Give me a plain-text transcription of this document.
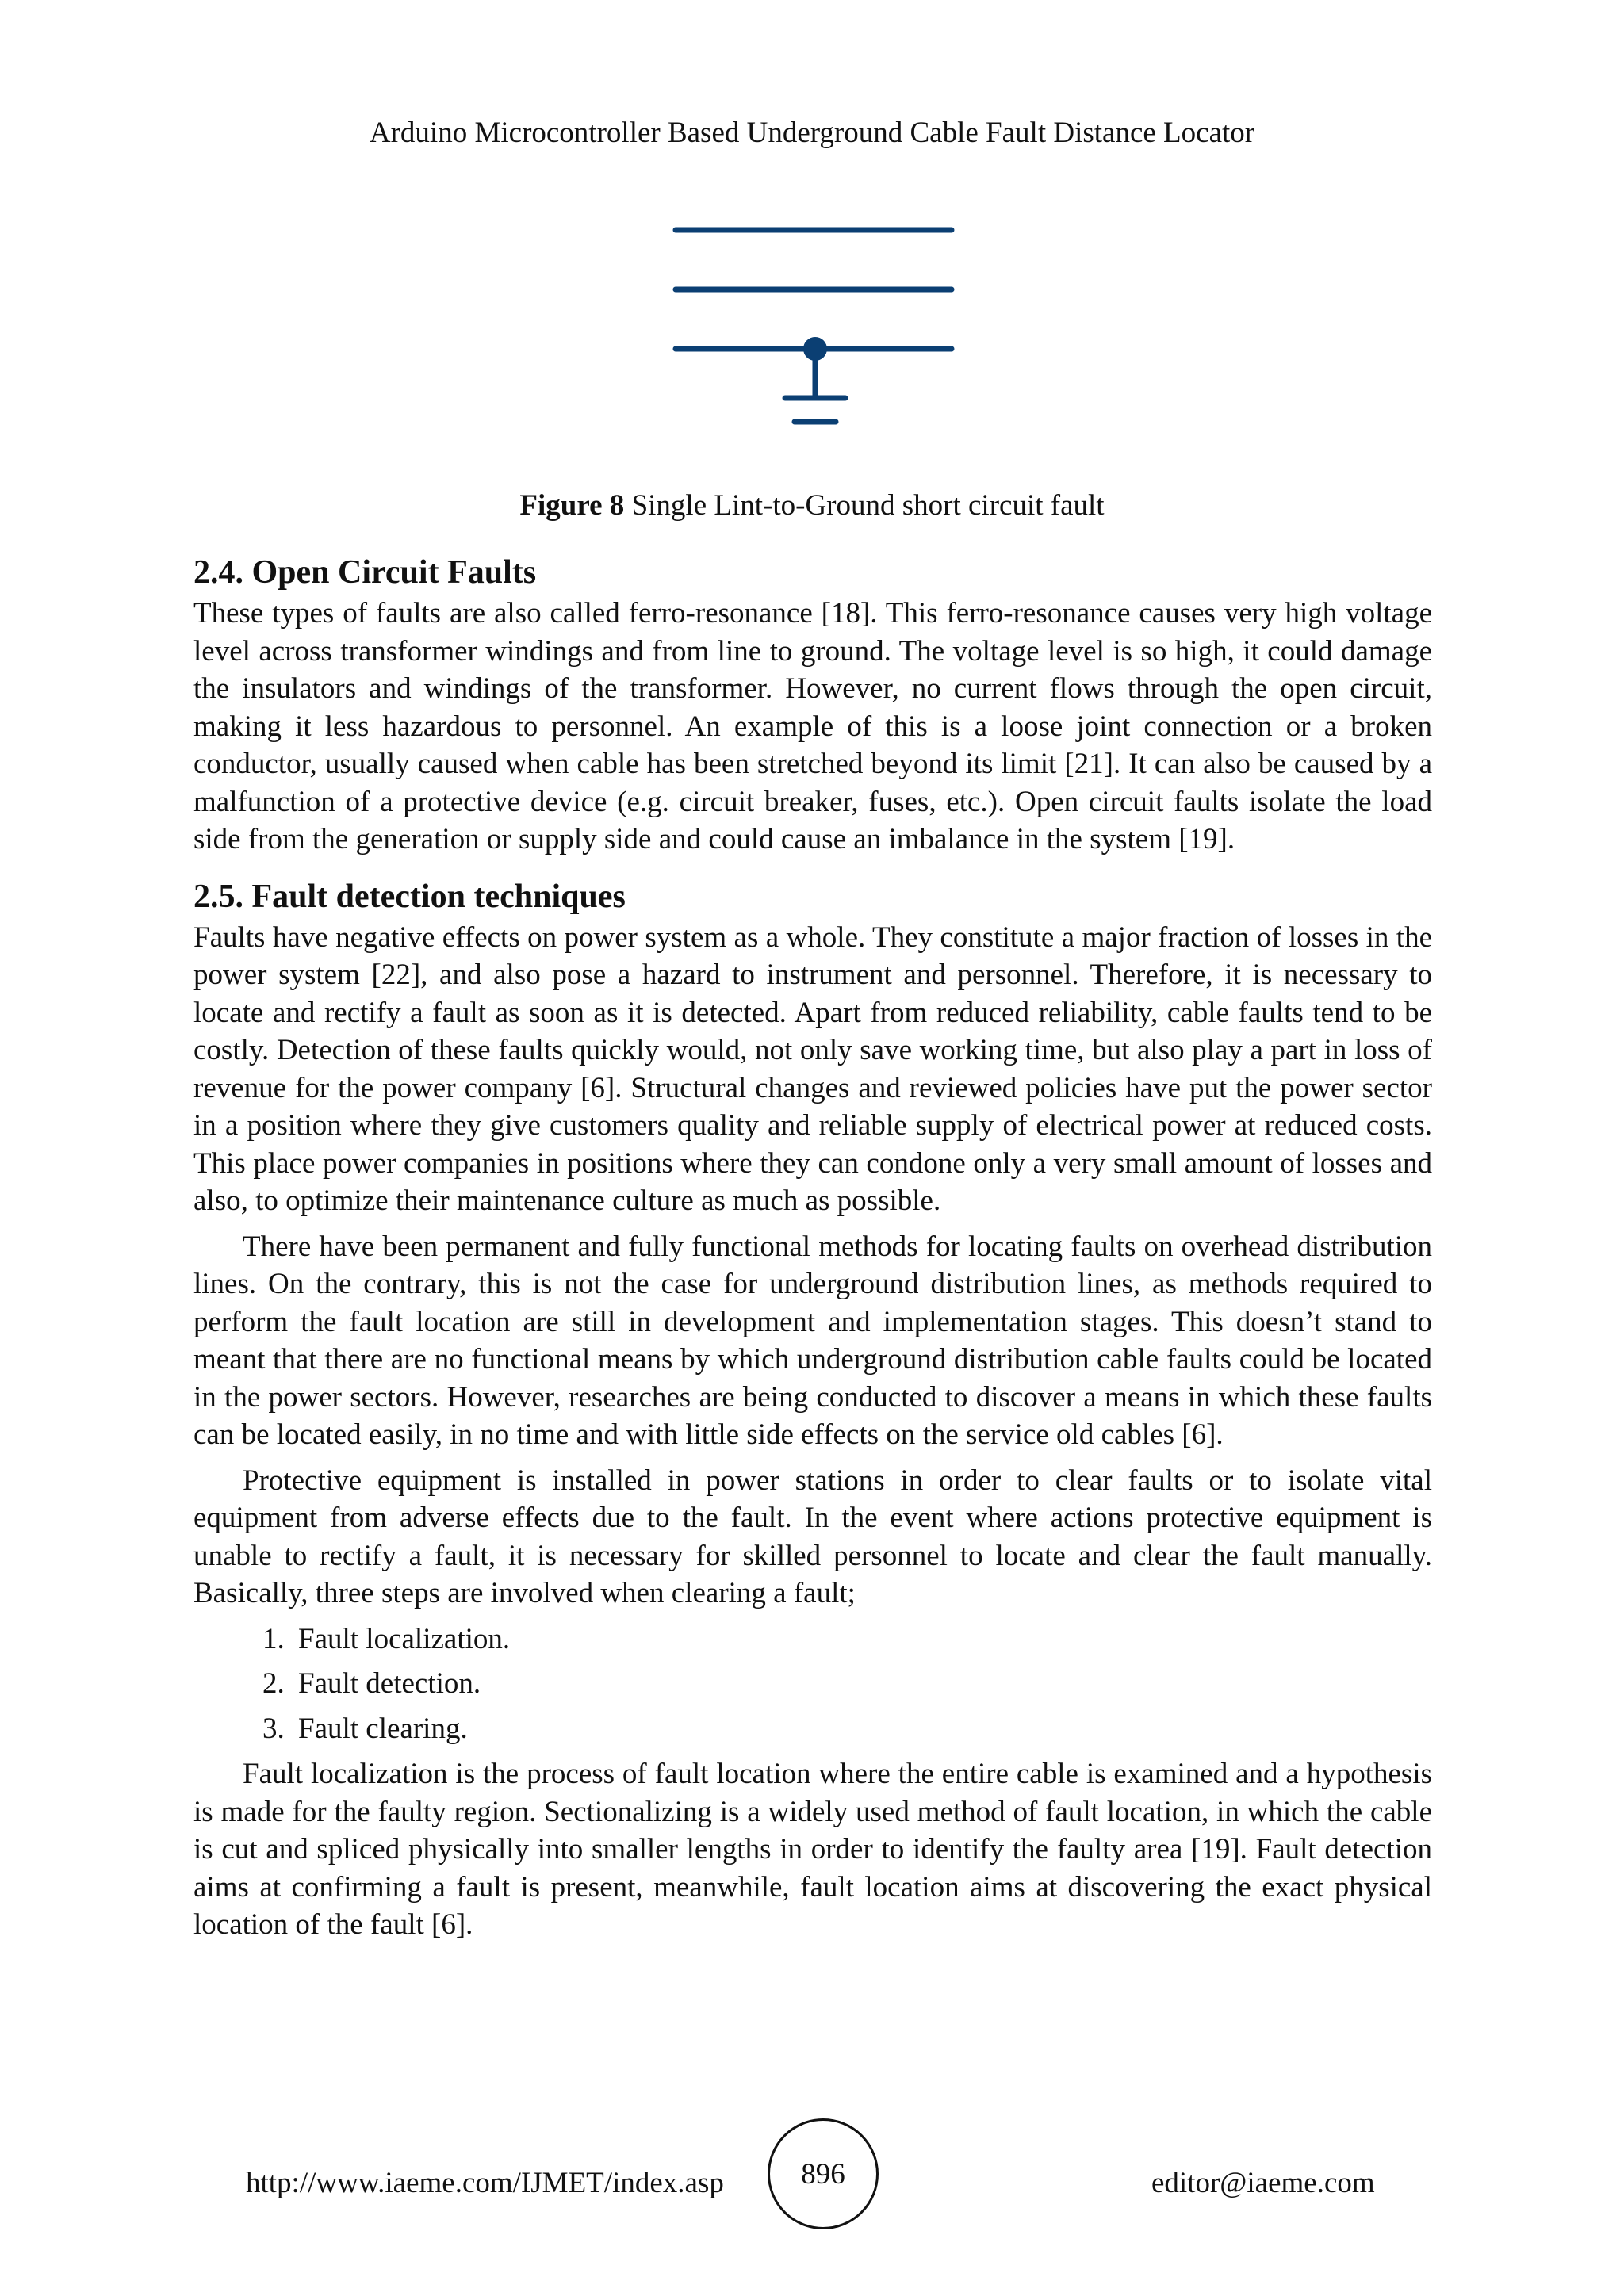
Arduino Microcontroller Based Underground Cable Fault Distance Locator
Figure 8 Single Lint-to-Ground short circuit fault
2.4. Open Circuit Faults

These types of faults are also called ferro-resonance [18]. This ferro-resonance causes very high voltage level across transformer windings and from line to ground. The voltage level is so high, it could damage the insulators and windings of the transformer. However, no current flows through the open circuit, making it less hazardous to personnel. An example of this is a loose joint connection or a broken conductor, usually caused when cable has been stretched beyond its limit [21]. It can also be caused by a malfunction of a protective device (e.g. circuit breaker, fuses, etc.). Open circuit faults isolate the load side from the generation or supply side and could cause an imbalance in the system [19].

2.5. Fault detection techniques

Faults have negative effects on power system as a whole. They constitute a major fraction of losses in the power system [22], and also pose a hazard to instrument and personnel. Therefore, it is necessary to locate and rectify a fault as soon as it is detected. Apart from reduced reliability, cable faults tend to be costly. Detection of these faults quickly would, not only save working time, but also play a part in loss of revenue for the power company [6]. Structural changes and reviewed policies have put the power sector in a position where they give customers quality and reliable supply of electrical power at reduced costs. This place power companies in positions where they can condone only a very small amount of losses and also, to optimize their maintenance culture as much as possible.

There have been permanent and fully functional methods for locating faults on overhead distribution lines. On the contrary, this is not the case for underground distribution lines, as methods required to perform the fault location are still in development and implementation stages. This doesn’t stand to meant that there are no functional means by which underground distribution cable faults could be located in the power sectors. However, researches are being conducted to discover a means in which these faults can be located easily, in no time and with little side effects on the service old cables [6].

Protective equipment is installed in power stations in order to clear faults or to isolate vital equipment from adverse effects due to the fault. In the event where actions protective equipment is unable to rectify a fault, it is necessary for skilled personnel to locate and clear the fault manually. Basically, three steps are involved when clearing a fault;

1. Fault localization.
2. Fault detection.
3. Fault clearing.

Fault localization is the process of fault location where the entire cable is examined and a hypothesis is made for the faulty region. Sectionalizing is a widely used method of fault location, in which the cable is cut and spliced physically into smaller lengths in order to identify the faulty area [19]. Fault detection aims at confirming a fault is present, meanwhile, fault location aims at discovering the exact physical location of the fault [6].

http://www.iaeme.com/IJMET/index.asp	896	editor@iaeme.com
